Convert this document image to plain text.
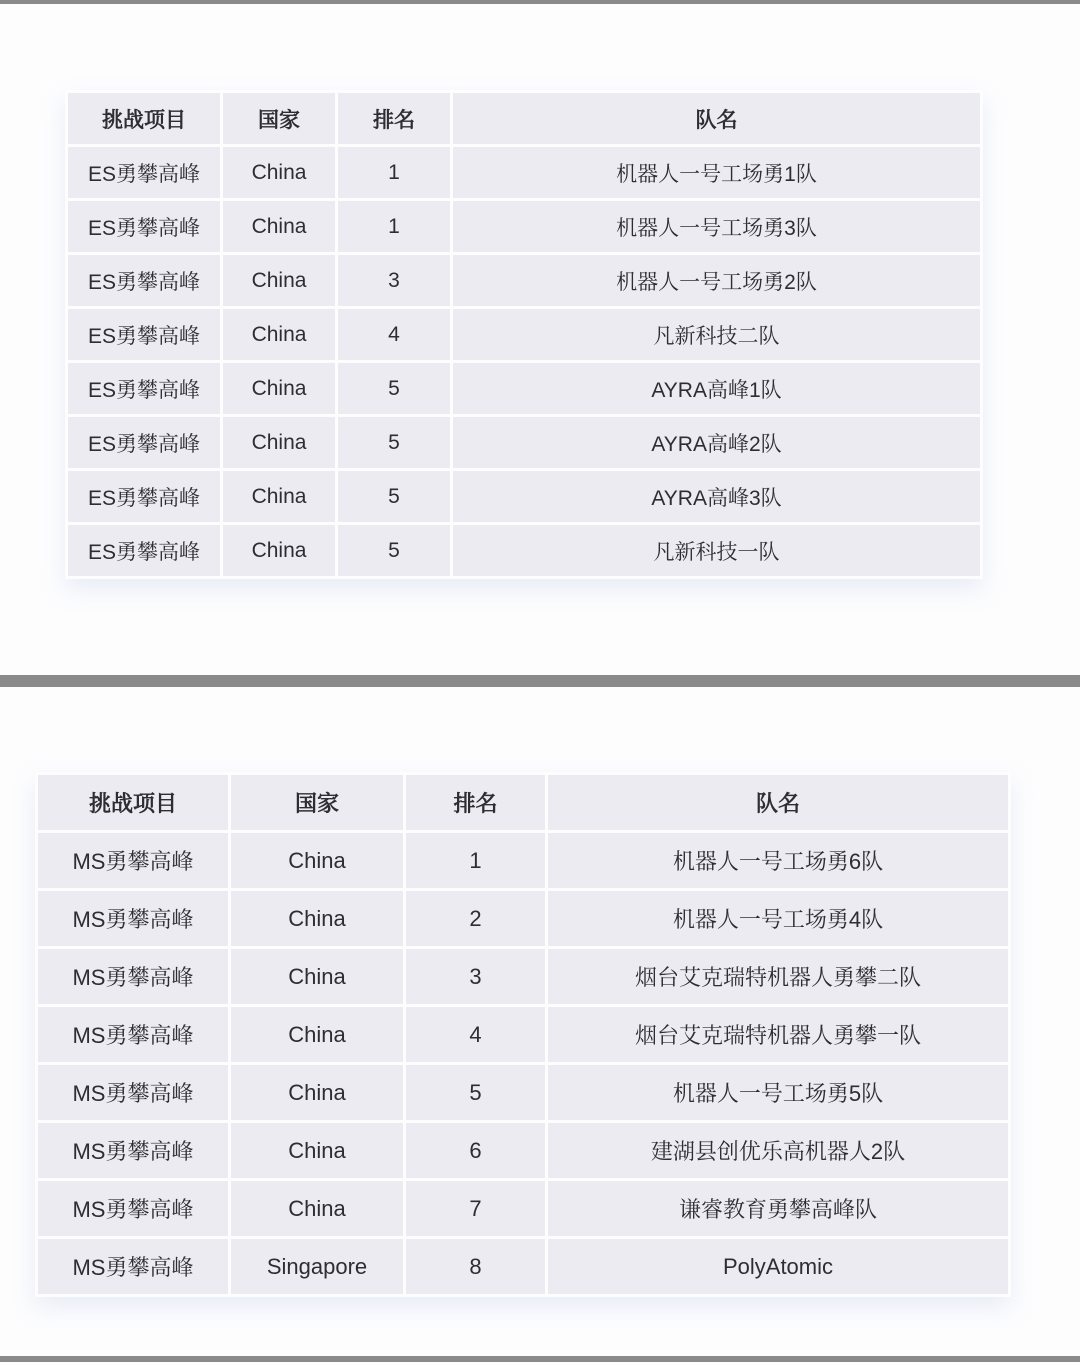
挑战项目	国家	排名	队名
ES勇攀高峰	China	1	机器人一号工场勇1队
ES勇攀高峰	China	1	机器人一号工场勇3队
ES勇攀高峰	China	3	机器人一号工场勇2队
ES勇攀高峰	China	4	凡新科技二队
ES勇攀高峰	China	5	AYRA高峰1队
ES勇攀高峰	China	5	AYRA高峰2队
ES勇攀高峰	China	5	AYRA高峰3队
ES勇攀高峰	China	5	凡新科技一队
挑战项目	国家	排名	队名
MS勇攀高峰	China	1	机器人一号工场勇6队
MS勇攀高峰	China	2	机器人一号工场勇4队
MS勇攀高峰	China	3	烟台艾克瑞特机器人勇攀二队
MS勇攀高峰	China	4	烟台艾克瑞特机器人勇攀一队
MS勇攀高峰	China	5	机器人一号工场勇5队
MS勇攀高峰	China	6	建湖县创优乐高机器人2队
MS勇攀高峰	China	7	谦睿教育勇攀高峰队
MS勇攀高峰	Singapore	8	PolyAtomic
